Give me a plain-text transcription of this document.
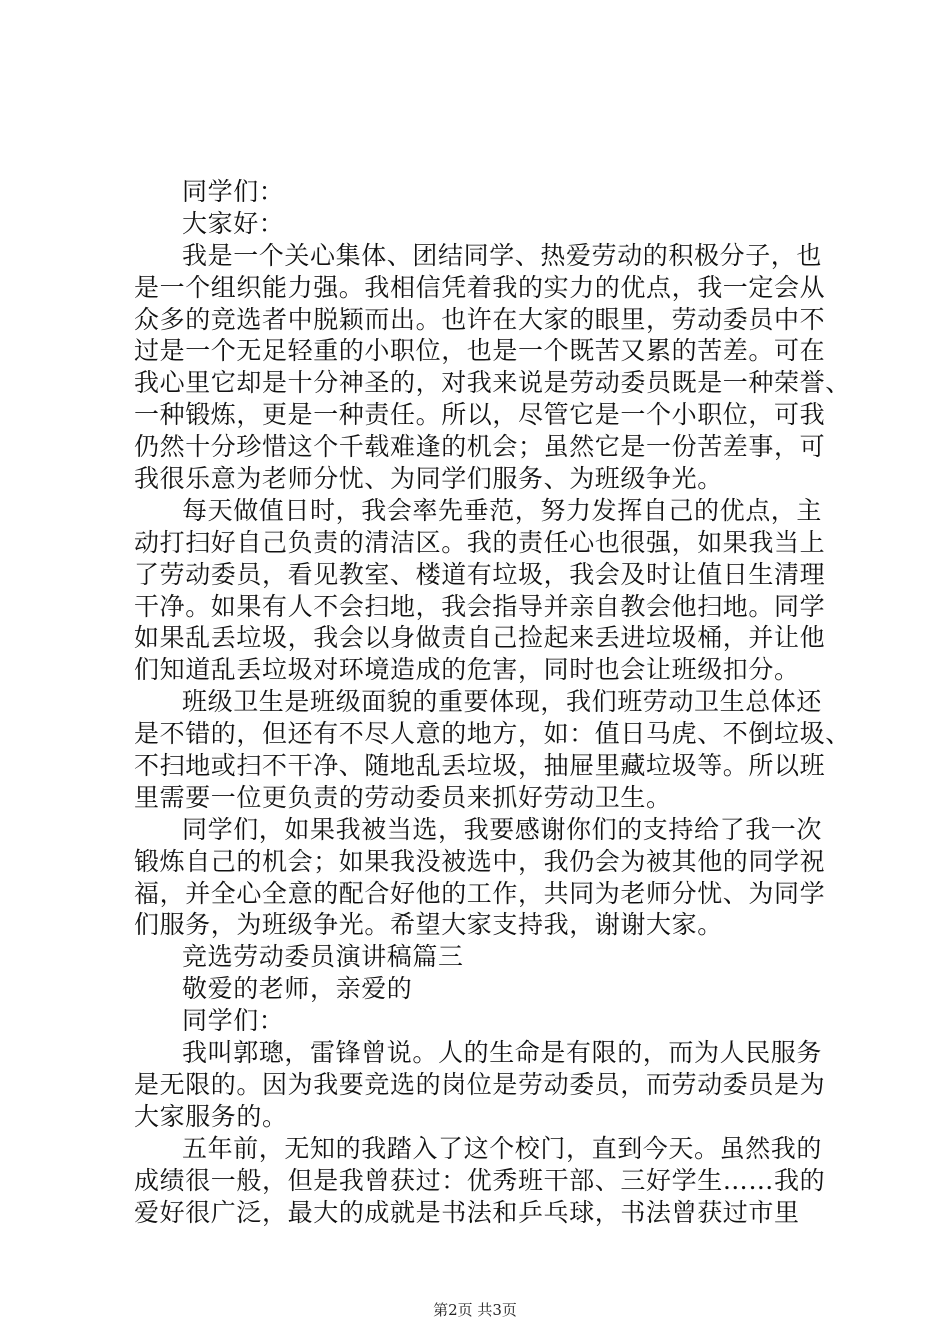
同学们：

大家好：

我是一个关心集体、团结同学、热爱劳动的积极分子，也

是一个组织能力强。我相信凭着我的实力的优点，我一定会从

众多的竞选者中脱颖而出。也许在大家的眼里，劳动委员中不

过是一个无足轻重的小职位，也是一个既苦又累的苦差。可在

我心里它却是十分神圣的，对我来说是劳动委员既是一种荣誉、

一种锻炼，更是一种责任。所以，尽管它是一个小职位，可我

仍然十分珍惜这个千载难逢的机会；虽然它是一份苦差事，可

我很乐意为老师分忧、为同学们服务、为班级争光。

每天做值日时，我会率先垂范，努力发挥自己的优点，主

动打扫好自己负责的清洁区。我的责任心也很强，如果我当上

了劳动委员，看见教室、楼道有垃圾，我会及时让值日生清理

干净。如果有人不会扫地，我会指导并亲自教会他扫地。同学

如果乱丢垃圾，我会以身做责自己捡起来丢进垃圾桶，并让他

们知道乱丢垃圾对环境造成的危害，同时也会让班级扣分。

班级卫生是班级面貌的重要体现，我们班劳动卫生总体还

是不错的，但还有不尽人意的地方，如：值日马虎、不倒垃圾、

不扫地或扫不干净、随地乱丢垃圾，抽屉里藏垃圾等。所以班

里需要一位更负责的劳动委员来抓好劳动卫生。

同学们，如果我被当选，我要感谢你们的支持给了我一次

锻炼自己的机会；如果我没被选中，我仍会为被其他的同学祝

福，并全心全意的配合好他的工作，共同为老师分忧、为同学

们服务，为班级争光。希望大家支持我，谢谢大家。

竞选劳动委员演讲稿篇三

敬爱的老师，亲爱的

同学们：

我叫郭璁，雷锋曾说。人的生命是有限的，而为人民服务

是无限的。因为我要竞选的岗位是劳动委员，而劳动委员是为

大家服务的。

五年前，无知的我踏入了这个校门，直到今天。虽然我的

成绩很一般，但是我曾获过：优秀班干部、三好学生……我的

爱好很广泛，最大的成就是书法和乒乓球，书法曾获过市里

第2页 共3页
